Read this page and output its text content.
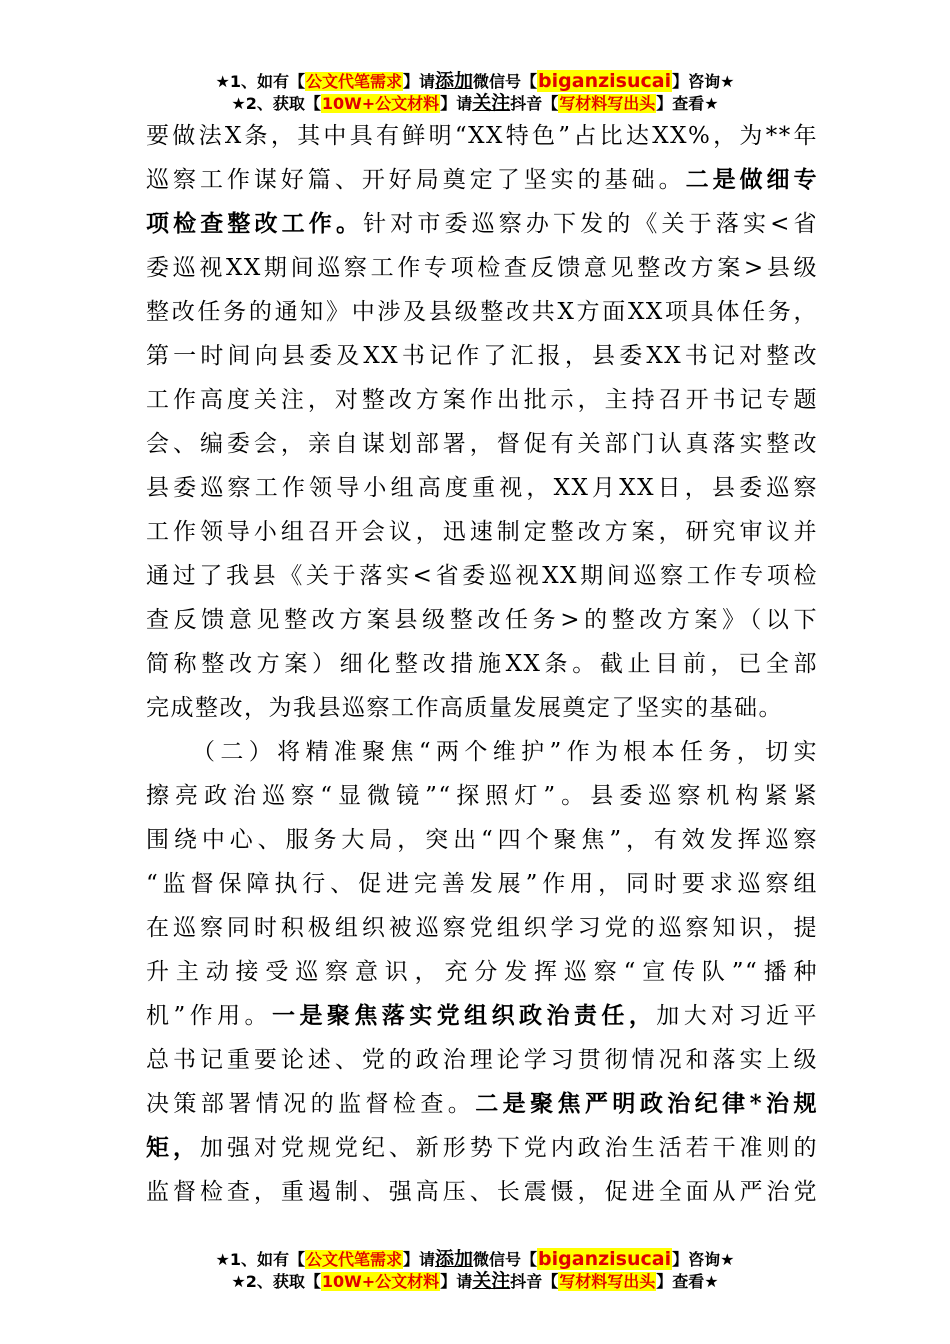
★1、如有【公文代笔需求】请添加微信号【biganzisucai】咨询★
★2、获取【10W+公文材料】请关注抖音【写材料写出头】查看★
要做法X条，其中具有鲜明“XX特色”占比达XX%，为**年
巡察工作谋好篇、开好局奠定了坚实的基础。二是做细专
项检查整改工作。针对市委巡察办下发的《关于落实<省
委巡视XX期间巡察工作专项检查反馈意见整改方案>县级
整改任务的通知》中涉及县级整改共X方面XX项具体任务，
第一时间向县委及XX书记作了汇报，县委XX书记对整改
工作高度关注，对整改方案作出批示，主持召开书记专题
会、编委会，亲自谋划部署，督促有关部门认真落实整改
县委巡察工作领导小组高度重视，XX月XX日，县委巡察
工作领导小组召开会议，迅速制定整改方案，研究审议并
通过了我县《关于落实<省委巡视XX期间巡察工作专项检
查反馈意见整改方案县级整改任务>的整改方案》（以下
简称整改方案）细化整改措施XX条。截止目前，已全部
完成整改，为我县巡察工作高质量发展奠定了坚实的基础。
（二）将精准聚焦“两个维护”作为根本任务，切实
擦亮政治巡察“显微镜”“探照灯”。县委巡察机构紧紧
围绕中心、服务大局，突出“四个聚焦”，有效发挥巡察
“监督保障执行、促进完善发展”作用，同时要求巡察组
在巡察同时积极组织被巡察党组织学习党的巡察知识，提
升主动接受巡察意识，充分发挥巡察“宣传队”“播种
机”作用。一是聚焦落实党组织政治责任，加大对习近平
总书记重要论述、党的政治理论学习贯彻情况和落实上级
决策部署情况的监督检查。二是聚焦严明政治纪律*治规
矩，加强对党规党纪、新形势下党内政治生活若干准则的
监督检查，重遏制、强高压、长震慑，促进全面从严治党
★1、如有【公文代笔需求】请添加微信号【biganzisucai】咨询★
★2、获取【10W+公文材料】请关注抖音【写材料写出头】查看★
